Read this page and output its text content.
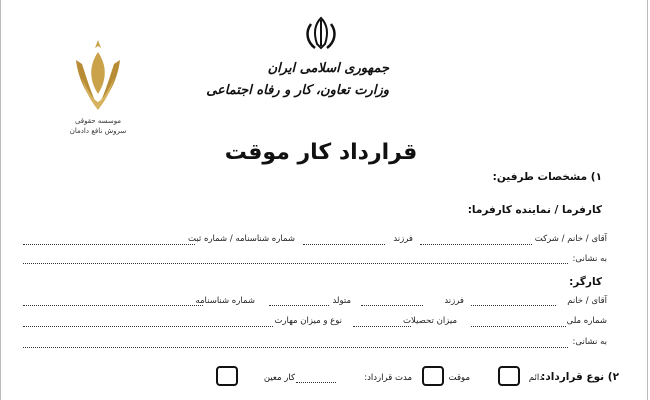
موسسه حقوقی
سروش نافع دادمان
جمهوری اسلامی ایران
وزارت تعاون، کار و رفاه اجتماعی
قرارداد کار موقت
۱) مشخصات طرفین:
کارفرما / نماینده کارفرما:
آقای / خانم / شرکت
فرزند
شماره شناسنامه / شماره ثبت
به نشانی:
کارگر:
آقای / خانم
فرزند
متولد
شماره شناسنامه
شماره ملی
میزان تحصیلات
نوع و میزان مهارت
به نشانی:
۲) نوع قرارداد:
دائم
موقت
مدت قرارداد:
کار معین
